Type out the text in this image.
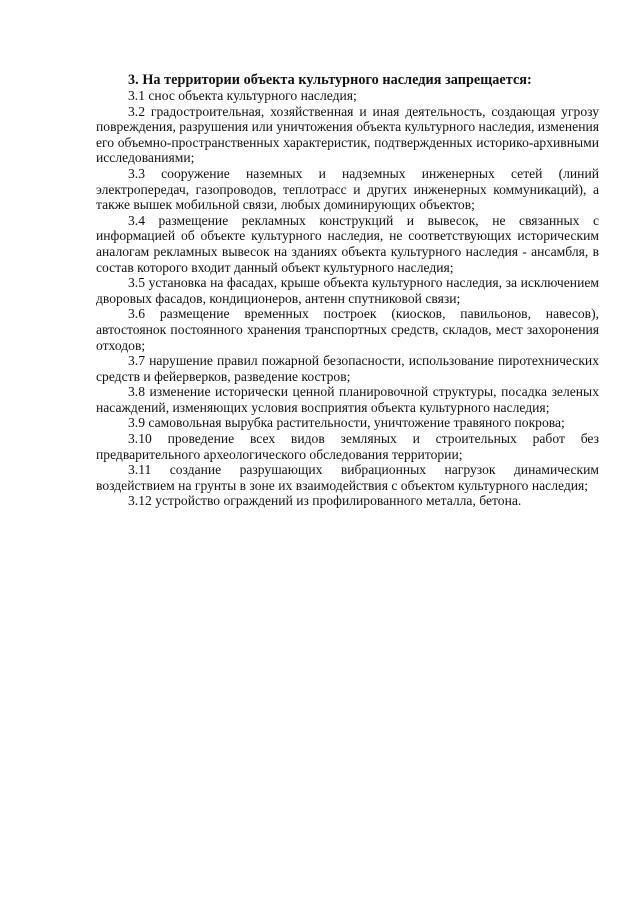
3. На территории объекта культурного наследия запрещается:

3.1 снос объекта культурного наследия;

3.2 градостроительная, хозяйственная и иная деятельность, создающая угрозу повреждения, разрушения или уничтожения объекта культурного наследия, изменения его объемно-пространственных характеристик, подтвержденных историко-архивными исследованиями;

3.3 сооружение наземных и надземных инженерных сетей (линий электропередач, газопроводов, теплотрасс и других инженерных коммуникаций), а также вышек мобильной связи, любых доминирующих объектов;

3.4 размещение рекламных конструкций и вывесок, не связанных с информацией об объекте культурного наследия, не соответствующих историческим аналогам рекламных вывесок на зданиях объекта культурного наследия - ансамбля, в состав которого входит данный объект культурного наследия;

3.5 установка на фасадах, крыше объекта культурного наследия, за исключением дворовых фасадов, кондиционеров, антенн спутниковой связи;

3.6 размещение временных построек (киосков, павильонов, навесов), автостоянок постоянного хранения транспортных средств, складов, мест захоронения отходов;

3.7 нарушение правил пожарной безопасности, использование пиротехнических средств и фейерверков, разведение костров;

3.8 изменение исторически ценной планировочной структуры, посадка зеленых насаждений, изменяющих условия восприятия объекта культурного наследия;

3.9 самовольная вырубка растительности, уничтожение травяного покрова;

3.10 проведение всех видов земляных и строительных работ без предварительного археологического обследования территории;

3.11 создание разрушающих вибрационных нагрузок динамическим воздействием на грунты в зоне их взаимодействия с объектом культурного наследия;

3.12 устройство ограждений из профилированного металла, бетона.
